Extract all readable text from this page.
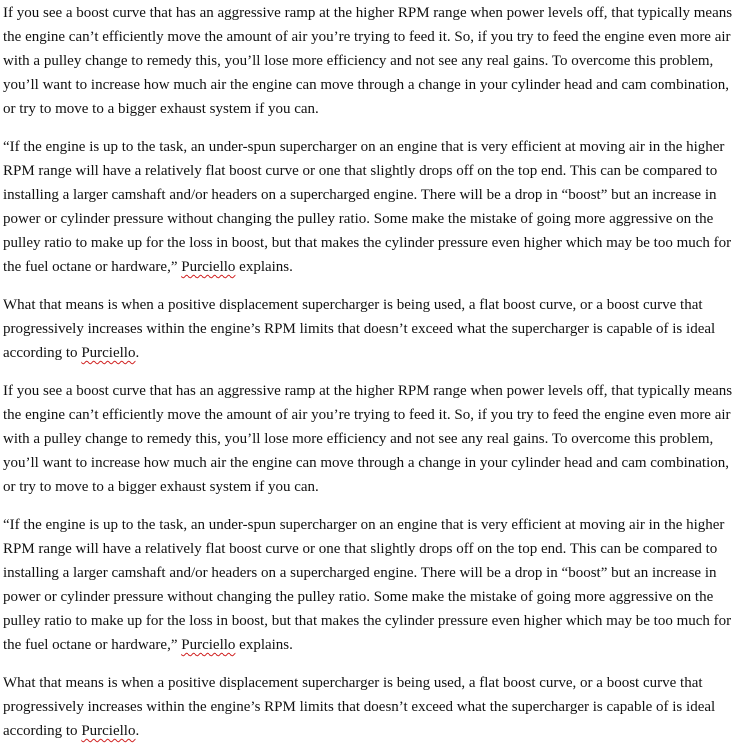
If you see a boost curve that has an aggressive ramp at the higher RPM range when power levels off, that typically means the engine can’t efficiently move the amount of air you’re trying to feed it. So, if you try to feed the engine even more air with a pulley change to remedy this, you’ll lose more efficiency and not see any real gains. To overcome this problem, you’ll want to increase how much air the engine can move through a change in your cylinder head and cam combination, or try to move to a bigger exhaust system if you can.

“If the engine is up to the task, an under-spun supercharger on an engine that is very efficient at moving air in the higher RPM range will have a relatively flat boost curve or one that slightly drops off on the top end. This can be compared to installing a larger camshaft and/or headers on a supercharged engine. There will be a drop in “boost” but an increase in power or cylinder pressure without changing the pulley ratio. Some make the mistake of going more aggressive on the pulley ratio to make up for the loss in boost, but that makes the cylinder pressure even higher which may be too much for the fuel octane or hardware,” Purciello explains.

What that means is when a positive displacement supercharger is being used, a flat boost curve, or a boost curve that progressively increases within the engine’s RPM limits that doesn’t exceed what the supercharger is capable of is ideal according to Purciello.

If you see a boost curve that has an aggressive ramp at the higher RPM range when power levels off, that typically means the engine can’t efficiently move the amount of air you’re trying to feed it. So, if you try to feed the engine even more air with a pulley change to remedy this, you’ll lose more efficiency and not see any real gains. To overcome this problem, you’ll want to increase how much air the engine can move through a change in your cylinder head and cam combination, or try to move to a bigger exhaust system if you can.

“If the engine is up to the task, an under-spun supercharger on an engine that is very efficient at moving air in the higher RPM range will have a relatively flat boost curve or one that slightly drops off on the top end. This can be compared to installing a larger camshaft and/or headers on a supercharged engine. There will be a drop in “boost” but an increase in power or cylinder pressure without changing the pulley ratio. Some make the mistake of going more aggressive on the pulley ratio to make up for the loss in boost, but that makes the cylinder pressure even higher which may be too much for the fuel octane or hardware,” Purciello explains.

What that means is when a positive displacement supercharger is being used, a flat boost curve, or a boost curve that progressively increases within the engine’s RPM limits that doesn’t exceed what the supercharger is capable of is ideal according to Purciello.
